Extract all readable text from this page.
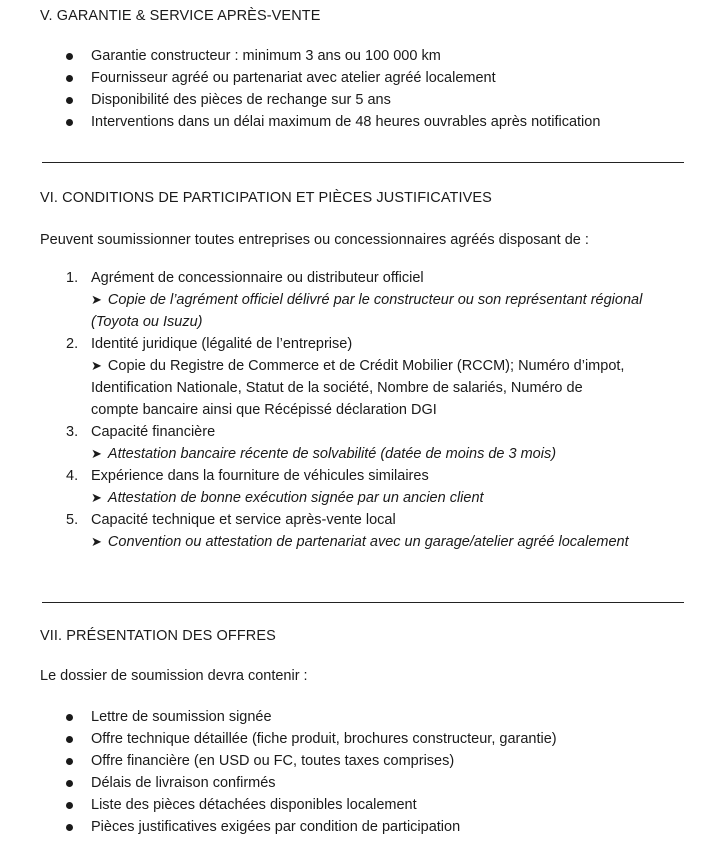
V. GARANTIE & SERVICE APRÈS-VENTE
Garantie constructeur : minimum 3 ans ou 100 000 km
Fournisseur agréé ou partenariat avec atelier agréé localement
Disponibilité des pièces de rechange sur 5 ans
Interventions dans un délai maximum de 48 heures ouvrables après notification
VI. CONDITIONS DE PARTICIPATION ET PIÈCES JUSTIFICATIVES
Peuvent soumissionner toutes entreprises ou concessionnaires agréés disposant de :
1. Agrément de concessionnaire ou distributeur officiel
➤ Copie de l’agrément officiel délivré par le constructeur ou son représentant régional (Toyota ou Isuzu)
2. Identité juridique (légalité de l’entreprise)
➤ Copie du Registre de Commerce et de Crédit Mobilier (RCCM); Numéro d’impot, Identification Nationale, Statut de la société, Nombre de salariés, Numéro de compte bancaire ainsi que Récépissé déclaration DGI
3. Capacité financière
➤ Attestation bancaire récente de solvabilité (datée de moins de 3 mois)
4. Expérience dans la fourniture de véhicules similaires
➤ Attestation de bonne exécution signée par un ancien client
5. Capacité technique et service après-vente local
➤ Convention ou attestation de partenariat avec un garage/atelier agréé localement
VII. PRÉSENTATION DES OFFRES
Le dossier de soumission devra contenir :
Lettre de soumission signée
Offre technique détaillée (fiche produit, brochures constructeur, garantie)
Offre financière (en USD ou FC, toutes taxes comprises)
Délais de livraison confirmés
Liste des pièces détachées disponibles localement
Pièces justificatives exigées par condition de participation
